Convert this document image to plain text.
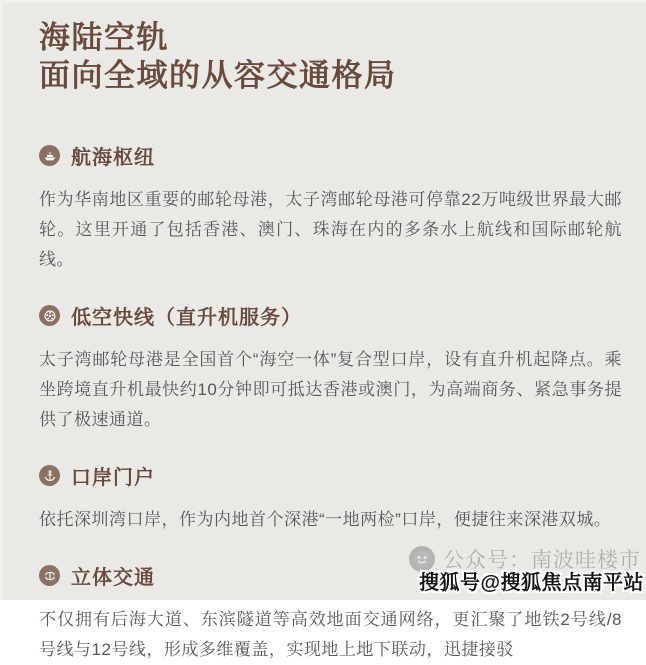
海陆空轨
面向全域的从容交通格局
航海枢纽
作为华南地区重要的邮轮母港，太子湾邮轮母港可停靠22万吨级世界最大邮轮。这里开通了包括香港、澳门、珠海在内的多条水上航线和国际邮轮航线。
低空快线（直升机服务）
太子湾邮轮母港是全国首个“海空一体”复合型口岸，设有直升机起降点。乘坐跨境直升机最快约10分钟即可抵达香港或澳门，为高端商务、紧急事务提供了极速通道。
口岸门户
依托深圳湾口岸，作为内地首个深港“一地两检”口岸，便捷往来深港双城。
立体交通
不仅拥有后海大道、东滨隧道等高效地面交通网络，更汇聚了地铁2号线/8号线与12号线，形成多维覆盖，实现地上地下联动，迅捷接驳
公众号：南波哇楼市
搜狐号@搜狐焦点南平站
